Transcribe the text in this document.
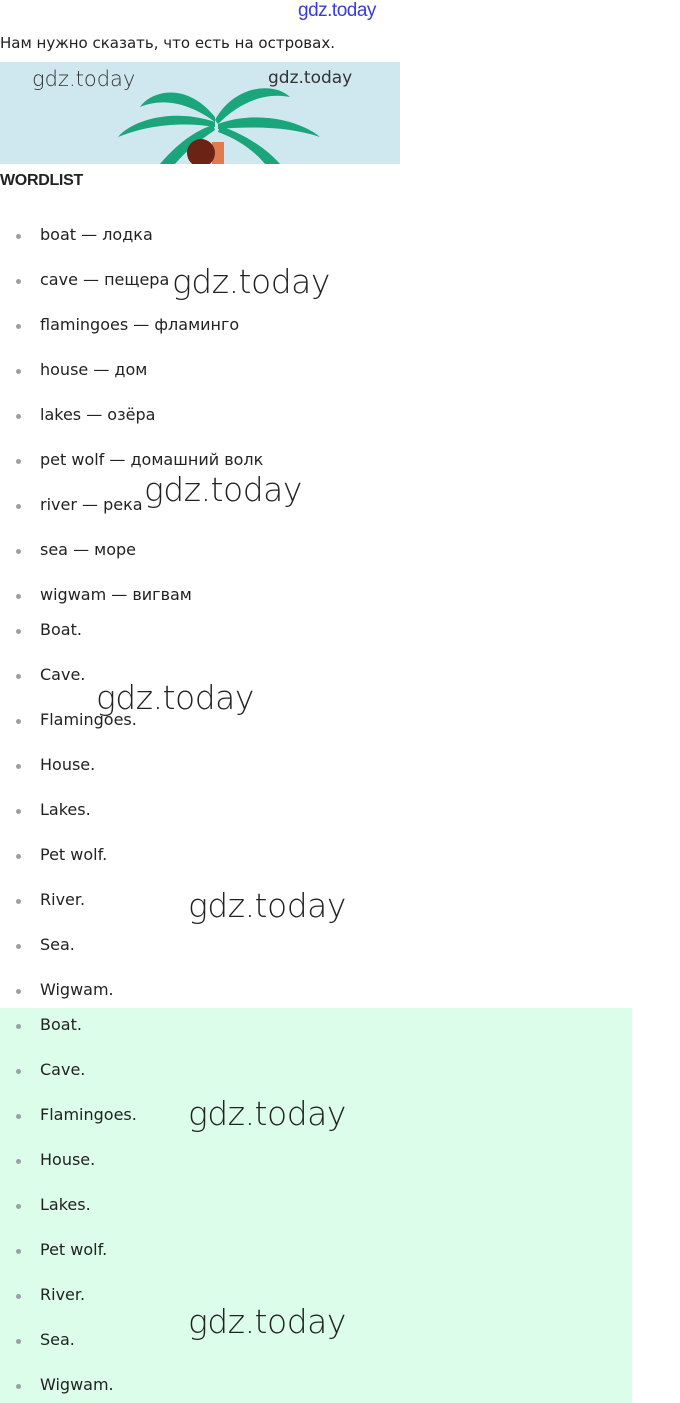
gdz.today
Нам нужно сказать, что есть на островах.
gdz.today	gdz.today
WORDLIST
boat — лодка
cave — пещера
flamingoes — фламинго
house — дом
lakes — озёра
pet wolf — домашний волк
river — река
sea — море
wigwam — вигвам
Boat.
Cave.
Flamingoes.
House.
Lakes.
Pet wolf.
River.
Sea.
Wigwam.
Boat.
Cave.
Flamingoes.
House.
Lakes.
Pet wolf.
River.
Sea.
Wigwam.
gdz.today
gdz.today
gdz.today
gdz.today
gdz.today
gdz.today
